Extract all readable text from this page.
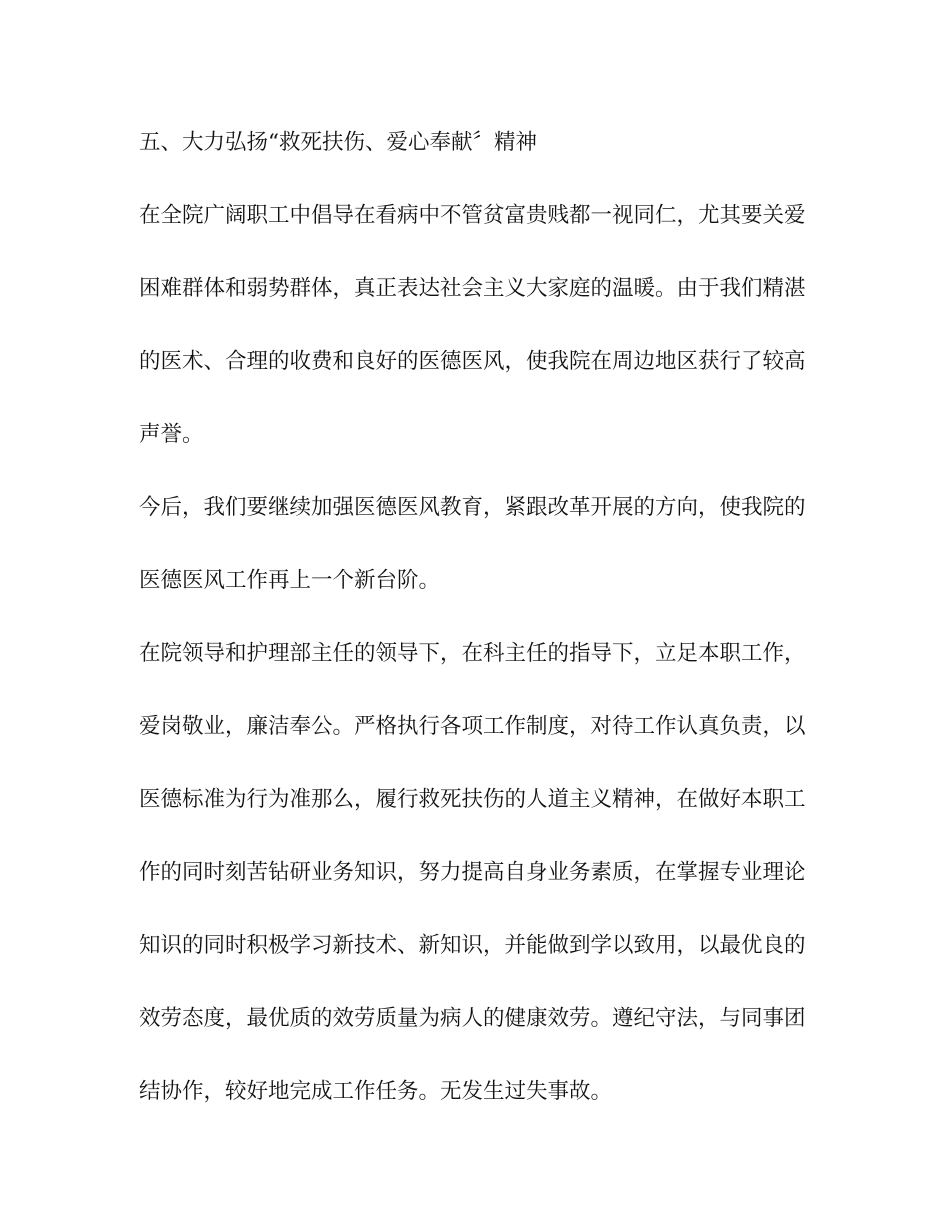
五、大力弘扬“救死扶伤、爱心奉献〞精神
在全院广阔职工中倡导在看病中不管贫富贵贱都一视同仁，尤其要关爱
困难群体和弱势群体，真正表达社会主义大家庭的温暖。由于我们精湛
的医术、合理的收费和良好的医德医风，使我院在周边地区获行了较高
声誉。
今后，我们要继续加强医德医风教育，紧跟改革开展的方向，使我院的
医德医风工作再上一个新台阶。
在院领导和护理部主任的领导下，在科主任的指导下，立足本职工作，
爱岗敬业，廉洁奉公。严格执行各项工作制度，对待工作认真负责，以
医德标准为行为准那么，履行救死扶伤的人道主义精神，在做好本职工
作的同时刻苦钻研业务知识，努力提高自身业务素质，在掌握专业理论
知识的同时积极学习新技术、新知识，并能做到学以致用，以最优良的
效劳态度，最优质的效劳质量为病人的健康效劳。遵纪守法，与同事团
结协作，较好地完成工作任务。无发生过失事故。
